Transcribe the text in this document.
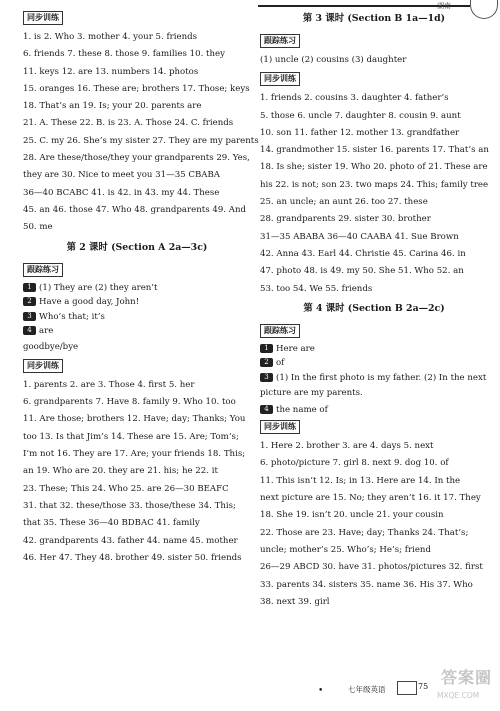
湖南
同步训练
1. is 2. Who 3. mother 4. your 5. friends
6. friends 7. these 8. those 9. families 10. they
11. keys 12. are 13. numbers 14. photos
15. oranges 16. These are; brothers 17. Those; keys
18. That’s an 19. Is; your 20. parents are
21. A. These 22. B. is 23. A. Those 24. C. friends
25. C. my 26. She’s my sister 27. They are my parents
28. Are these/those/they your grandparents 29. Yes,
they are 30. Nice to meet you 31—35 CBABA
36—40 BCABC 41. is 42. in 43. my 44. These
45. an 46. those 47. Who 48. grandparents 49. And
50. me
第 2 课时 (Section A 2a—3c)
跟踪练习
1 (1) They are (2) they aren’t
2 Have a good day, John!
3 Who’s that; it’s
4 are
goodbye/bye
同步训练
1. parents 2. are 3. Those 4. first 5. her
6. grandparents 7. Have 8. family 9. Who 10. too
11. Are those; brothers 12. Have; day; Thanks; You
too 13. Is that Jim’s 14. These are 15. Are; Tom’s;
I’m not 16. They are 17. Are; your friends 18. This;
an 19. Who are 20. they are 21. his; he 22. it
23. These; This 24. Who 25. are 26—30 BEAFC
31. that 32. these/those 33. those/these 34. This;
that 35. These 36—40 BDBAC 41. family
42. grandparents 43. father 44. name 45. mother
46. Her 47. They 48. brother 49. sister 50. friends
第 3 课时 (Section B 1a—1d)
跟踪练习
(1) uncle (2) cousins (3) daughter
同步训练
1. friends 2. cousins 3. daughter 4. father’s
5. those 6. uncle 7. daughter 8. cousin 9. aunt
10. son 11. father 12. mother 13. grandfather
14. grandmother 15. sister 16. parents 17. That’s an
18. Is she; sister 19. Who 20. photo of 21. These are
his 22. is not; son 23. two maps 24. This; family tree
25. an uncle; an aunt 26. too 27. these
28. grandparents 29. sister 30. brother
31—35 ABABA 36—40 CAABA 41. Sue Brown
42. Anna 43. Earl 44. Christie 45. Carina 46. in
47. photo 48. is 49. my 50. She 51. Who 52. an
53. too 54. We 55. friends
第 4 课时 (Section B 2a—2c)
跟踪练习
1 Here are
2 of
3 (1) In the first photo is my father. (2) In the next
picture are my parents.
4 the name of
同步训练
1. Here 2. brother 3. are 4. days 5. next
6. photo/picture 7. girl 8. next 9. dog 10. of
11. This isn’t 12. Is; in 13. Here are 14. In the
next picture are 15. No; they aren’t 16. it 17. They
18. She 19. isn’t 20. uncle 21. your cousin
22. Those are 23. Have; day; Thanks 24. That’s;
uncle; mother’s 25. Who’s; He’s; friend
26—29 ABCD 30. have 31. photos/pictures 32. first
33. parents 34. sisters 35. name 36. His 37. Who
38. next 39. girl
•	七年级英语	75 答案圈
MXQE.COM
